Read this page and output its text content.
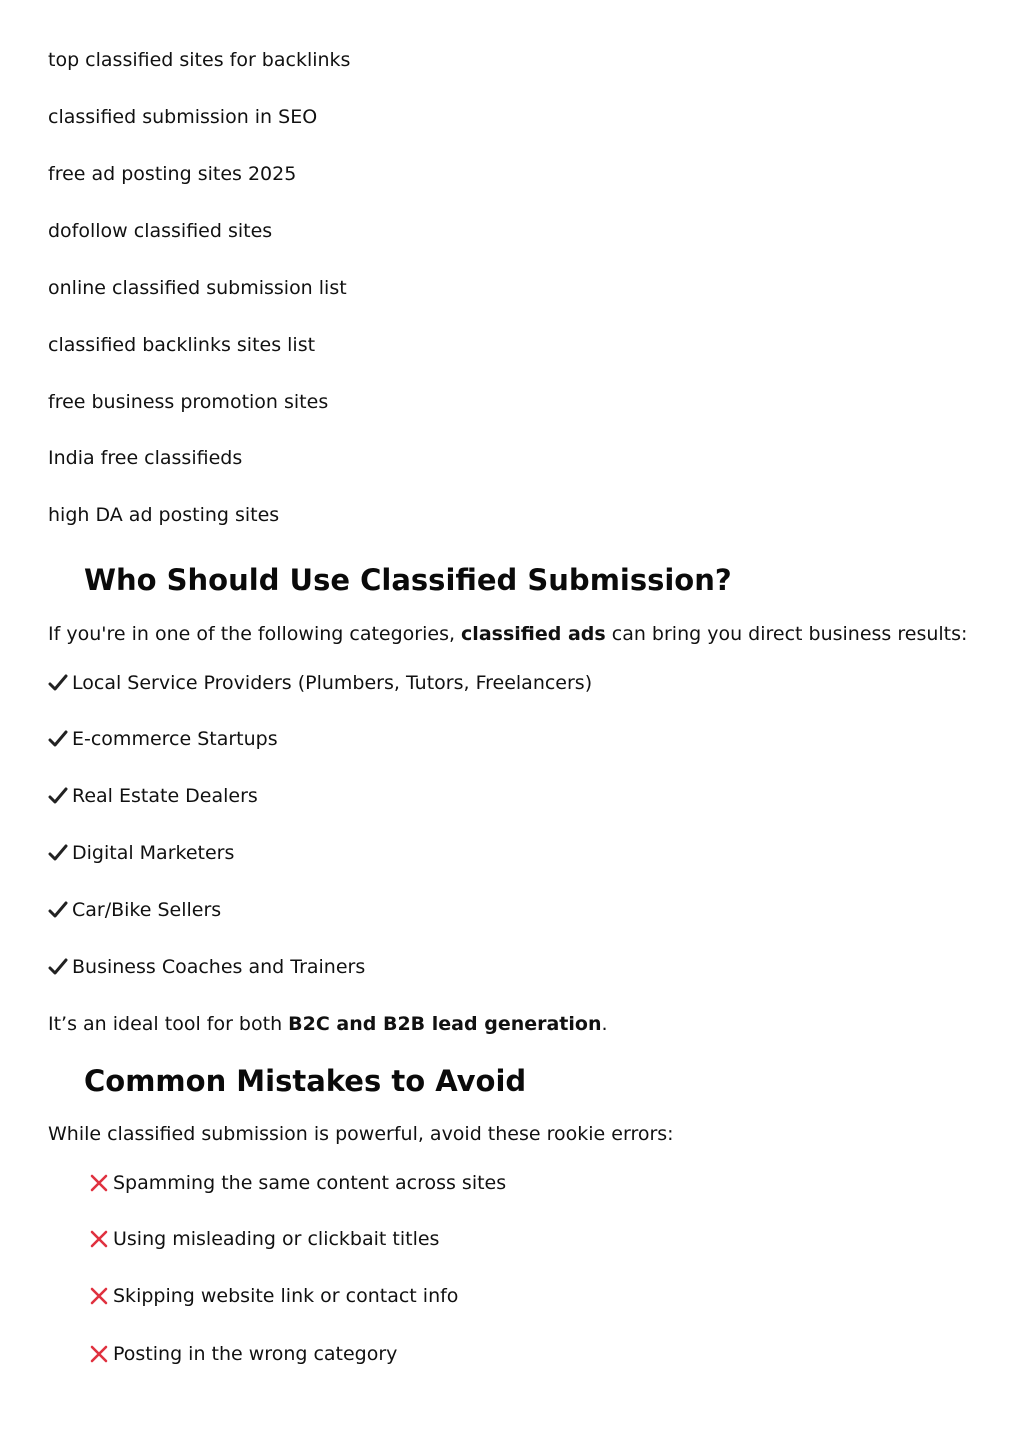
top classified sites for backlinks

classified submission in SEO

free ad posting sites 2025

dofollow classified sites

online classified submission list

classified backlinks sites list

free business promotion sites

India free classifieds

high DA ad posting sites

Who Should Use Classified Submission?

If you're in one of the following categories, classified ads can bring you direct business results:

Local Service Providers (Plumbers, Tutors, Freelancers)
E-commerce Startups
Real Estate Dealers
Digital Marketers
Car/Bike Sellers
Business Coaches and Trainers

It’s an ideal tool for both B2C and B2B lead generation.

Common Mistakes to Avoid

While classified submission is powerful, avoid these rookie errors:

Spamming the same content across sites
Using misleading or clickbait titles
Skipping website link or contact info
Posting in the wrong category
